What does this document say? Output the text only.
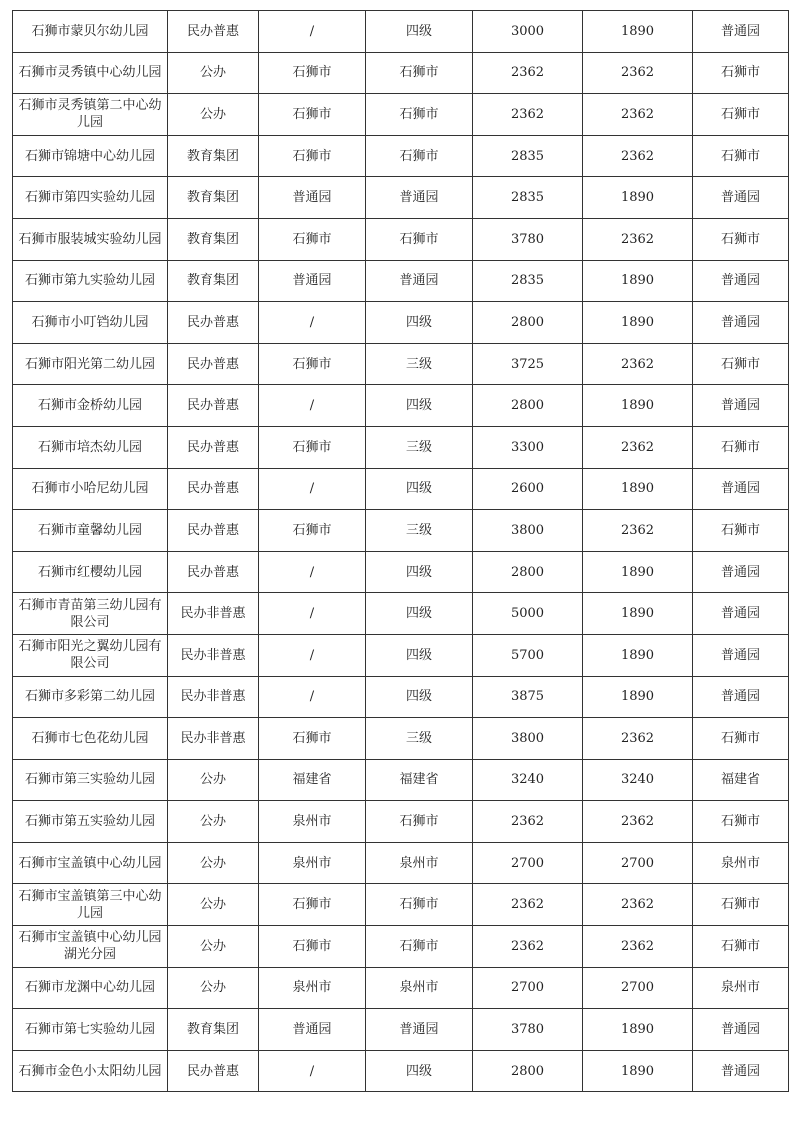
石狮市蒙贝尔幼儿园	民办普惠	/	四级	3000	1890	普通园
石狮市灵秀镇中心幼儿园	公办	石狮市	石狮市	2362	2362	石狮市
石狮市灵秀镇第二中心幼儿园	公办	石狮市	石狮市	2362	2362	石狮市
石狮市锦塘中心幼儿园	教育集团	石狮市	石狮市	2835	2362	石狮市
石狮市第四实验幼儿园	教育集团	普通园	普通园	2835	1890	普通园
石狮市服装城实验幼儿园	教育集团	石狮市	石狮市	3780	2362	石狮市
石狮市第九实验幼儿园	教育集团	普通园	普通园	2835	1890	普通园
石狮市小叮铛幼儿园	民办普惠	/	四级	2800	1890	普通园
石狮市阳光第二幼儿园	民办普惠	石狮市	三级	3725	2362	石狮市
石狮市金桥幼儿园	民办普惠	/	四级	2800	1890	普通园
石狮市培杰幼儿园	民办普惠	石狮市	三级	3300	2362	石狮市
石狮市小哈尼幼儿园	民办普惠	/	四级	2600	1890	普通园
石狮市童馨幼儿园	民办普惠	石狮市	三级	3800	2362	石狮市
石狮市红樱幼儿园	民办普惠	/	四级	2800	1890	普通园
石狮市青苗第三幼儿园有限公司	民办非普惠	/	四级	5000	1890	普通园
石狮市阳光之翼幼儿园有限公司	民办非普惠	/	四级	5700	1890	普通园
石狮市多彩第二幼儿园	民办非普惠	/	四级	3875	1890	普通园
石狮市七色花幼儿园	民办非普惠	石狮市	三级	3800	2362	石狮市
石狮市第三实验幼儿园	公办	福建省	福建省	3240	3240	福建省
石狮市第五实验幼儿园	公办	泉州市	石狮市	2362	2362	石狮市
石狮市宝盖镇中心幼儿园	公办	泉州市	泉州市	2700	2700	泉州市
石狮市宝盖镇第三中心幼儿园	公办	石狮市	石狮市	2362	2362	石狮市
石狮市宝盖镇中心幼儿园湖光分园	公办	石狮市	石狮市	2362	2362	石狮市
石狮市龙渊中心幼儿园	公办	泉州市	泉州市	2700	2700	泉州市
石狮市第七实验幼儿园	教育集团	普通园	普通园	3780	1890	普通园
石狮市金色小太阳幼儿园	民办普惠	/	四级	2800	1890	普通园
